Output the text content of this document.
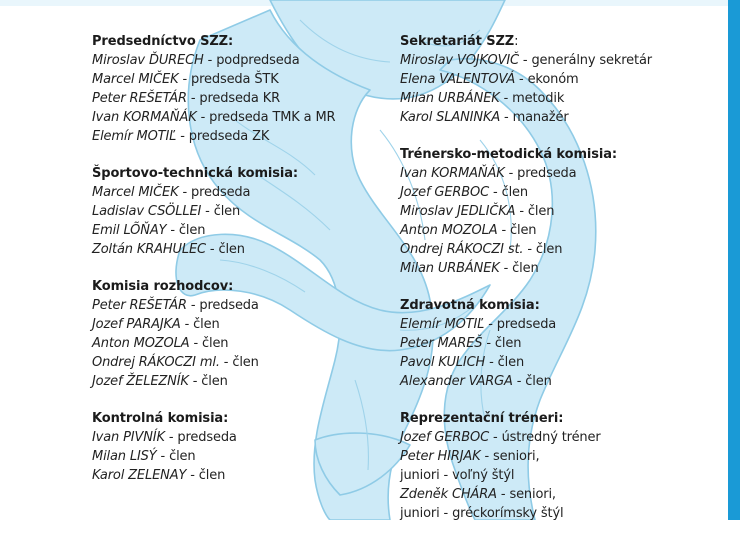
Predsedníctvo SZZ:
Miroslav ĎURECH - podpredseda
Marcel MIČEK - predseda ŠTK
Peter REŠETÁR - predseda KR
Ivan KORMAŇÁK - predseda TMK a MR
Elemír MOTIĽ - predseda ZK
Športovo-technická komisia:
Marcel MIČEK - predseda
Ladislav CSÖLLEI - člen
Emil LÕŇAY - člen
Zoltán KRAHULEC - člen
Komisia rozhodcov:
Peter REŠETÁR - predseda
Jozef PARAJKA - člen
Anton MOZOLA - člen
Ondrej RÁKOCZI ml. - člen
Jozef ŽELEZNÍK - člen
Kontrolná komisia:
Ivan PIVNÍK - predseda
Milan LISÝ - člen
Karol ZELENAY - člen
Sekretariát SZZ:
Miroslav VOJKOVIČ - generálny sekretár
Elena VALENTOVÁ - ekonóm
Milan URBÁNEK - metodik
Karol SLANINKA - manažér
Trénersko-metodická komisia:
Ivan KORMAŇÁK - predseda
Jozef GERBOC - člen
Miroslav JEDLIČKA - člen
Anton MOZOLA - člen
Ondrej RÁKOCZI st. - člen
Milan URBÁNEK - člen
Zdravotná komisia:
Elemír MOTIĽ - predseda
Peter MAREŠ - člen
Pavol KULICH - člen
Alexander VARGA - člen
Reprezentační tréneri:
Jozef GERBOC - ústredný tréner
Peter HIRJAK - seniori,
juniori - voľný štýl
Zdeněk CHÁRA - seniori,
juniori - gréckorímsky štýl
